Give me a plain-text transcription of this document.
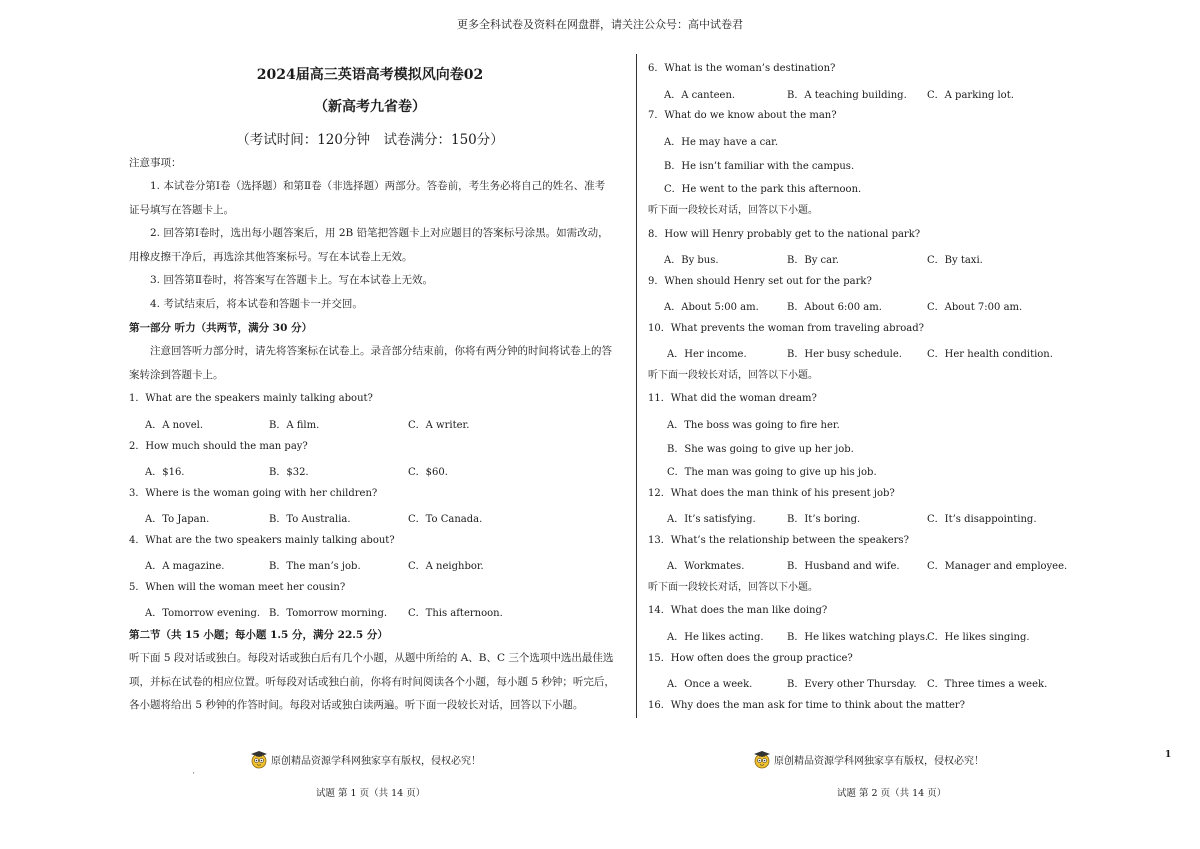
更多全科试卷及资料在网盘群，请关注公众号：高中试卷君
2024届高三英语高考模拟风向卷02
（新高考九省卷）
（考试时间：120分钟　试卷满分：150分）
注意事项：
　　1. 本试卷分第Ⅰ卷（选择题）和第Ⅱ卷（非选择题）两部分。答卷前，考生务必将自己的姓名、准考
证号填写在答题卡上。
　　2. 回答第Ⅰ卷时，选出每小题答案后，用 2B 铅笔把答题卡上对应题目的答案标号涂黑。如需改动，
用橡皮擦干净后，再选涂其他答案标号。写在本试卷上无效。
　　3. 回答第Ⅱ卷时，将答案写在答题卡上。写在本试卷上无效。
　　4. 考试结束后，将本试卷和答题卡一并交回。
第一部分 听力（共两节，满分 30 分）
　　注意回答听力部分时，请先将答案标在试卷上。录音部分结束前，你将有两分钟的时间将试卷上的答
案转涂到答题卡上。
1．What are the speakers mainly talking about?
A．A novel.	B．A film.	C．A writer.
2．How much should the man pay?
A．$16.	B．$32.	C．$60.
3．Where is the woman going with her children?
A．To Japan.	B．To Australia.	C．To Canada.
4．What are the two speakers mainly talking about?
A．A magazine.	B．The man’s job.	C．A neighbor.
5．When will the woman meet her cousin?
A．Tomorrow evening. B．Tomorrow morning. C．This afternoon.
第二节（共 15 小题；每小题 1.5 分，满分 22.5 分）
听下面 5 段对话或独白。每段对话或独白后有几个小题，从题中所给的 A、B、C 三个选项中选出最佳选
项，并标在试卷的相应位置。听每段对话或独白前，你将有时间阅读各个小题，每小题 5 秒钟；听完后，
各小题将给出 5 秒钟的作答时间。每段对话或独白读两遍。听下面一段较长对话，回答以下小题。
6．What is the woman’s destination?
A．A canteen.	B．A teaching building. C．A parking lot.
7．What do we know about the man?
A．He may have a car.
B．He isn’t familiar with the campus.
C．He went to the park this afternoon.
听下面一段较长对话，回答以下小题。
8．How will Henry probably get to the national park?
A．By bus.	B．By car.	C．By taxi.
9．When should Henry set out for the park?
A．About 5:00 am.	B．About 6:00 am.	C．About 7:00 am.
10．What prevents the woman from traveling abroad?
A．Her income.	B．Her busy schedule.	C．Her health condition.
听下面一段较长对话，回答以下小题。
11．What did the woman dream?
A．The boss was going to fire her.
B．She was going to give up her job.
C．The man was going to give up his job.
12．What does the man think of his present job?
A．It’s satisfying.	B．It’s boring.	C．It’s disappointing.
13．What’s the relationship between the speakers?
A．Workmates.	B．Husband and wife.	C．Manager and employee.
听下面一段较长对话，回答以下小题。
14．What does the man like doing?
A．He likes acting. B．He likes watching plays.
C．He likes singing.
15．How often does the group practice?
A．Once a week.	B．Every other Thursday. C．Three times a week.
16．Why does the man ask for time to think about the matter?
原创精品资源学科网独家享有版权，侵权必究！	原创精品资源学科网独家享有版权，侵权必究！
'
试题 第 1 页（共 14 页）	试题 第 2 页（共 14 页）
1
